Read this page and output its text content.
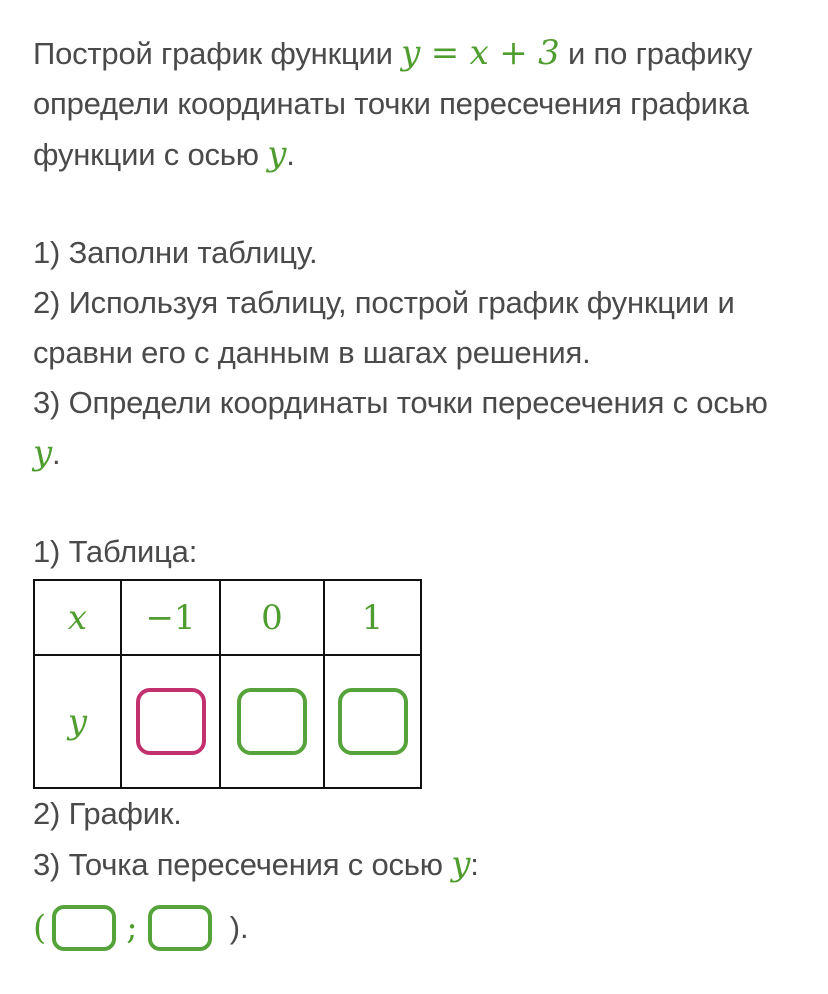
Построй график функции y = x + 3 и по графику
определи координаты точки пересечения графика
функции с осью y.
1) Заполни таблицу.
2) Используя таблицу, построй график функции и
сравни его с данным в шагах решения.
3) Определи координаты точки пересечения с осью
y.
1) Таблица:
x	−1	0	1
y			
2) График.
3) Точка пересечения с осью y:
( ;	).
